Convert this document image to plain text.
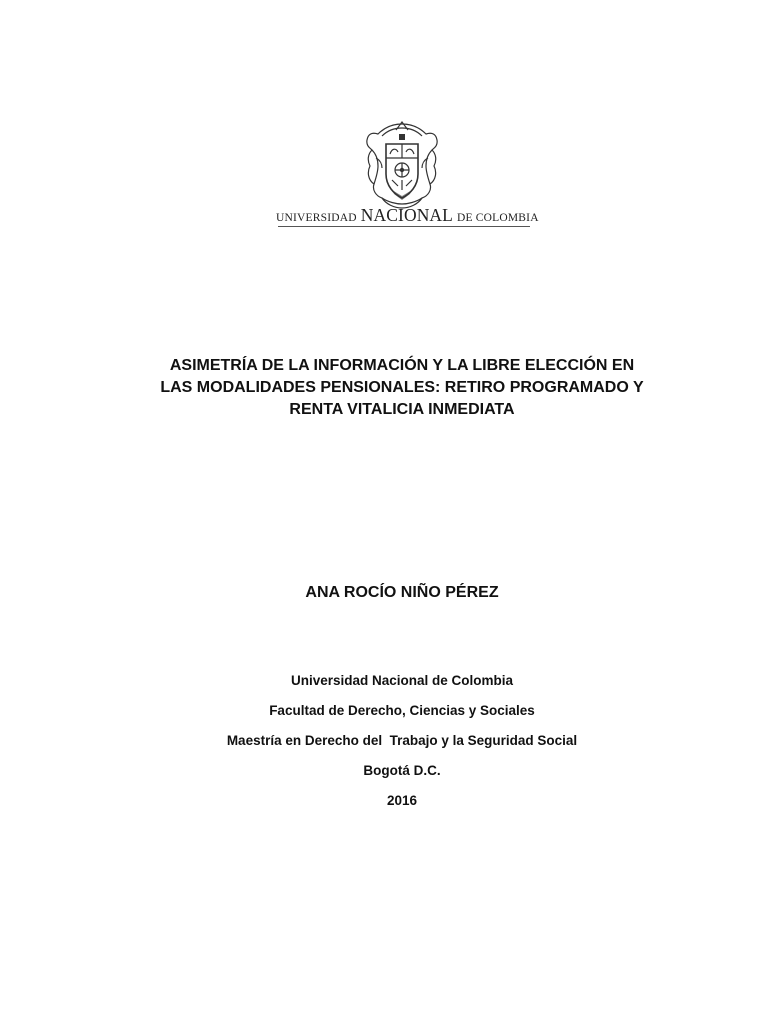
UNIVERSIDAD NACIONAL DE COLOMBIA
ASIMETRÍA DE LA INFORMACIÓN Y LA LIBRE ELECCIÓN EN
LAS MODALIDADES PENSIONALES: RETIRO PROGRAMADO Y
RENTA VITALICIA INMEDIATA
ANA ROCÍO NIÑO PÉREZ
Universidad Nacional de Colombia
Facultad de Derecho, Ciencias y Sociales
Maestría en Derecho del  Trabajo y la Seguridad Social
Bogotá D.C.
2016
